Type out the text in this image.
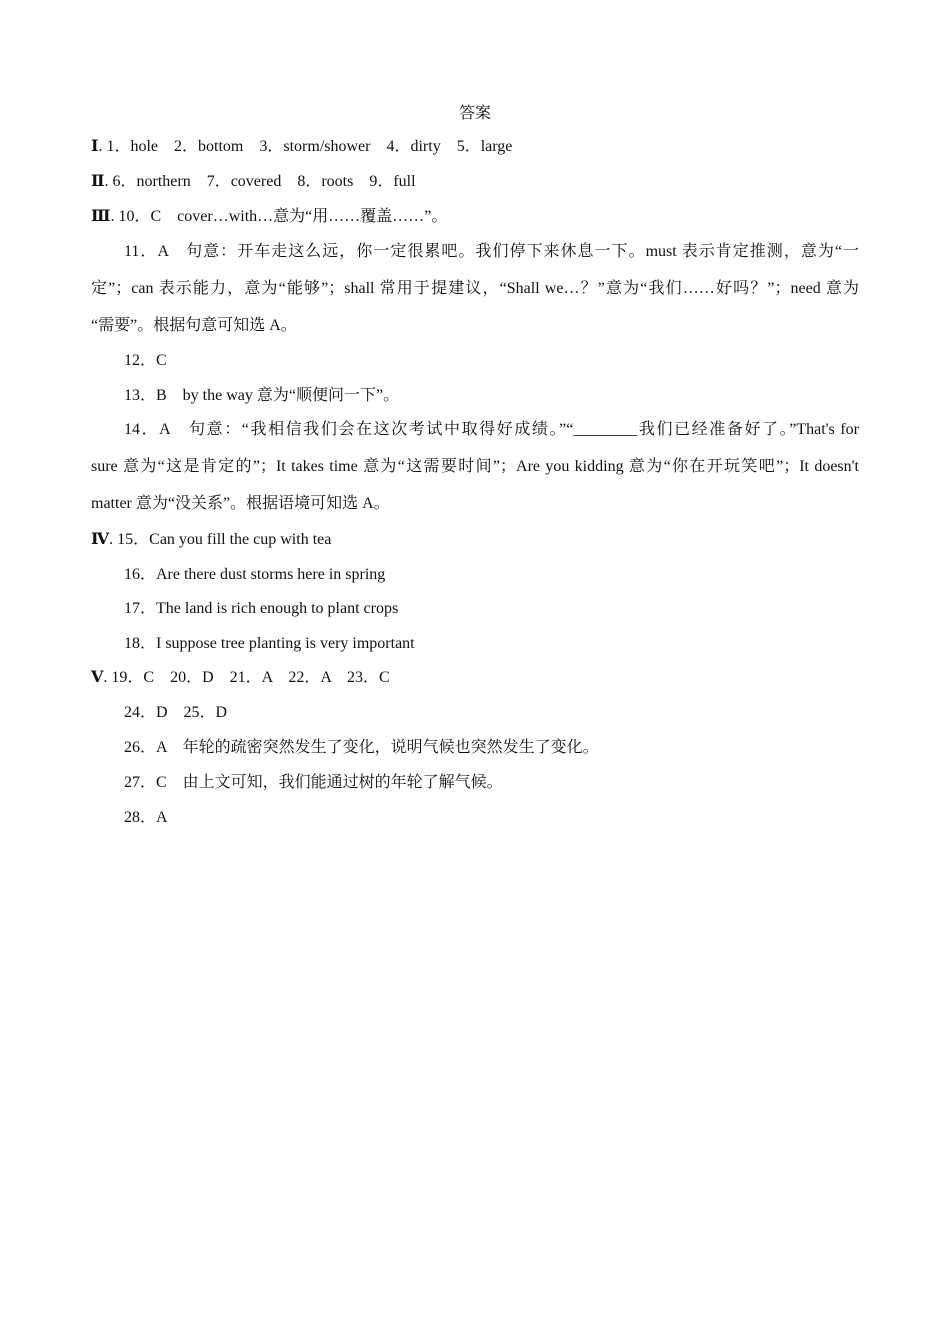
答案
Ⅰ. 1．hole　2．bottom　3．storm/shower　4．dirty　5．large
Ⅱ. 6．northern　7．covered　8．roots　9．full
Ⅲ. 10．C　cover…with…意为“用……覆盖……”。
11．A　句意：开车走这么远，你一定很累吧。我们停下来休息一下。must 表示肯定推测，意为“一
定”；can 表示能力，意为“能够”；shall 常用于提建议，“Shall we…？”意为“我们……好吗？”；need 意为
“需要”。根据句意可知选 A。
12．C
13．B　by the way 意为“顺便问一下”。
14．A　句意：“我相信我们会在这次考试中取得好成绩。”“________我们已经准备好了。”That's for
sure 意为“这是肯定的”；It takes time 意为“这需要时间”；Are you kidding 意为“你在开玩笑吧”；It doesn't
matter 意为“没关系”。根据语境可知选 A。
Ⅳ. 15．Can you fill the cup with tea
16．Are there dust storms here in spring
17．The land is rich enough to plant crops
18．I suppose tree planting is very important
Ⅴ. 19．C　20．D　21．A　22．A　23．C
24．D　25．D
26．A　年轮的疏密突然发生了变化，说明气候也突然发生了变化。
27．C　由上文可知，我们能通过树的年轮了解气候。
28．A
